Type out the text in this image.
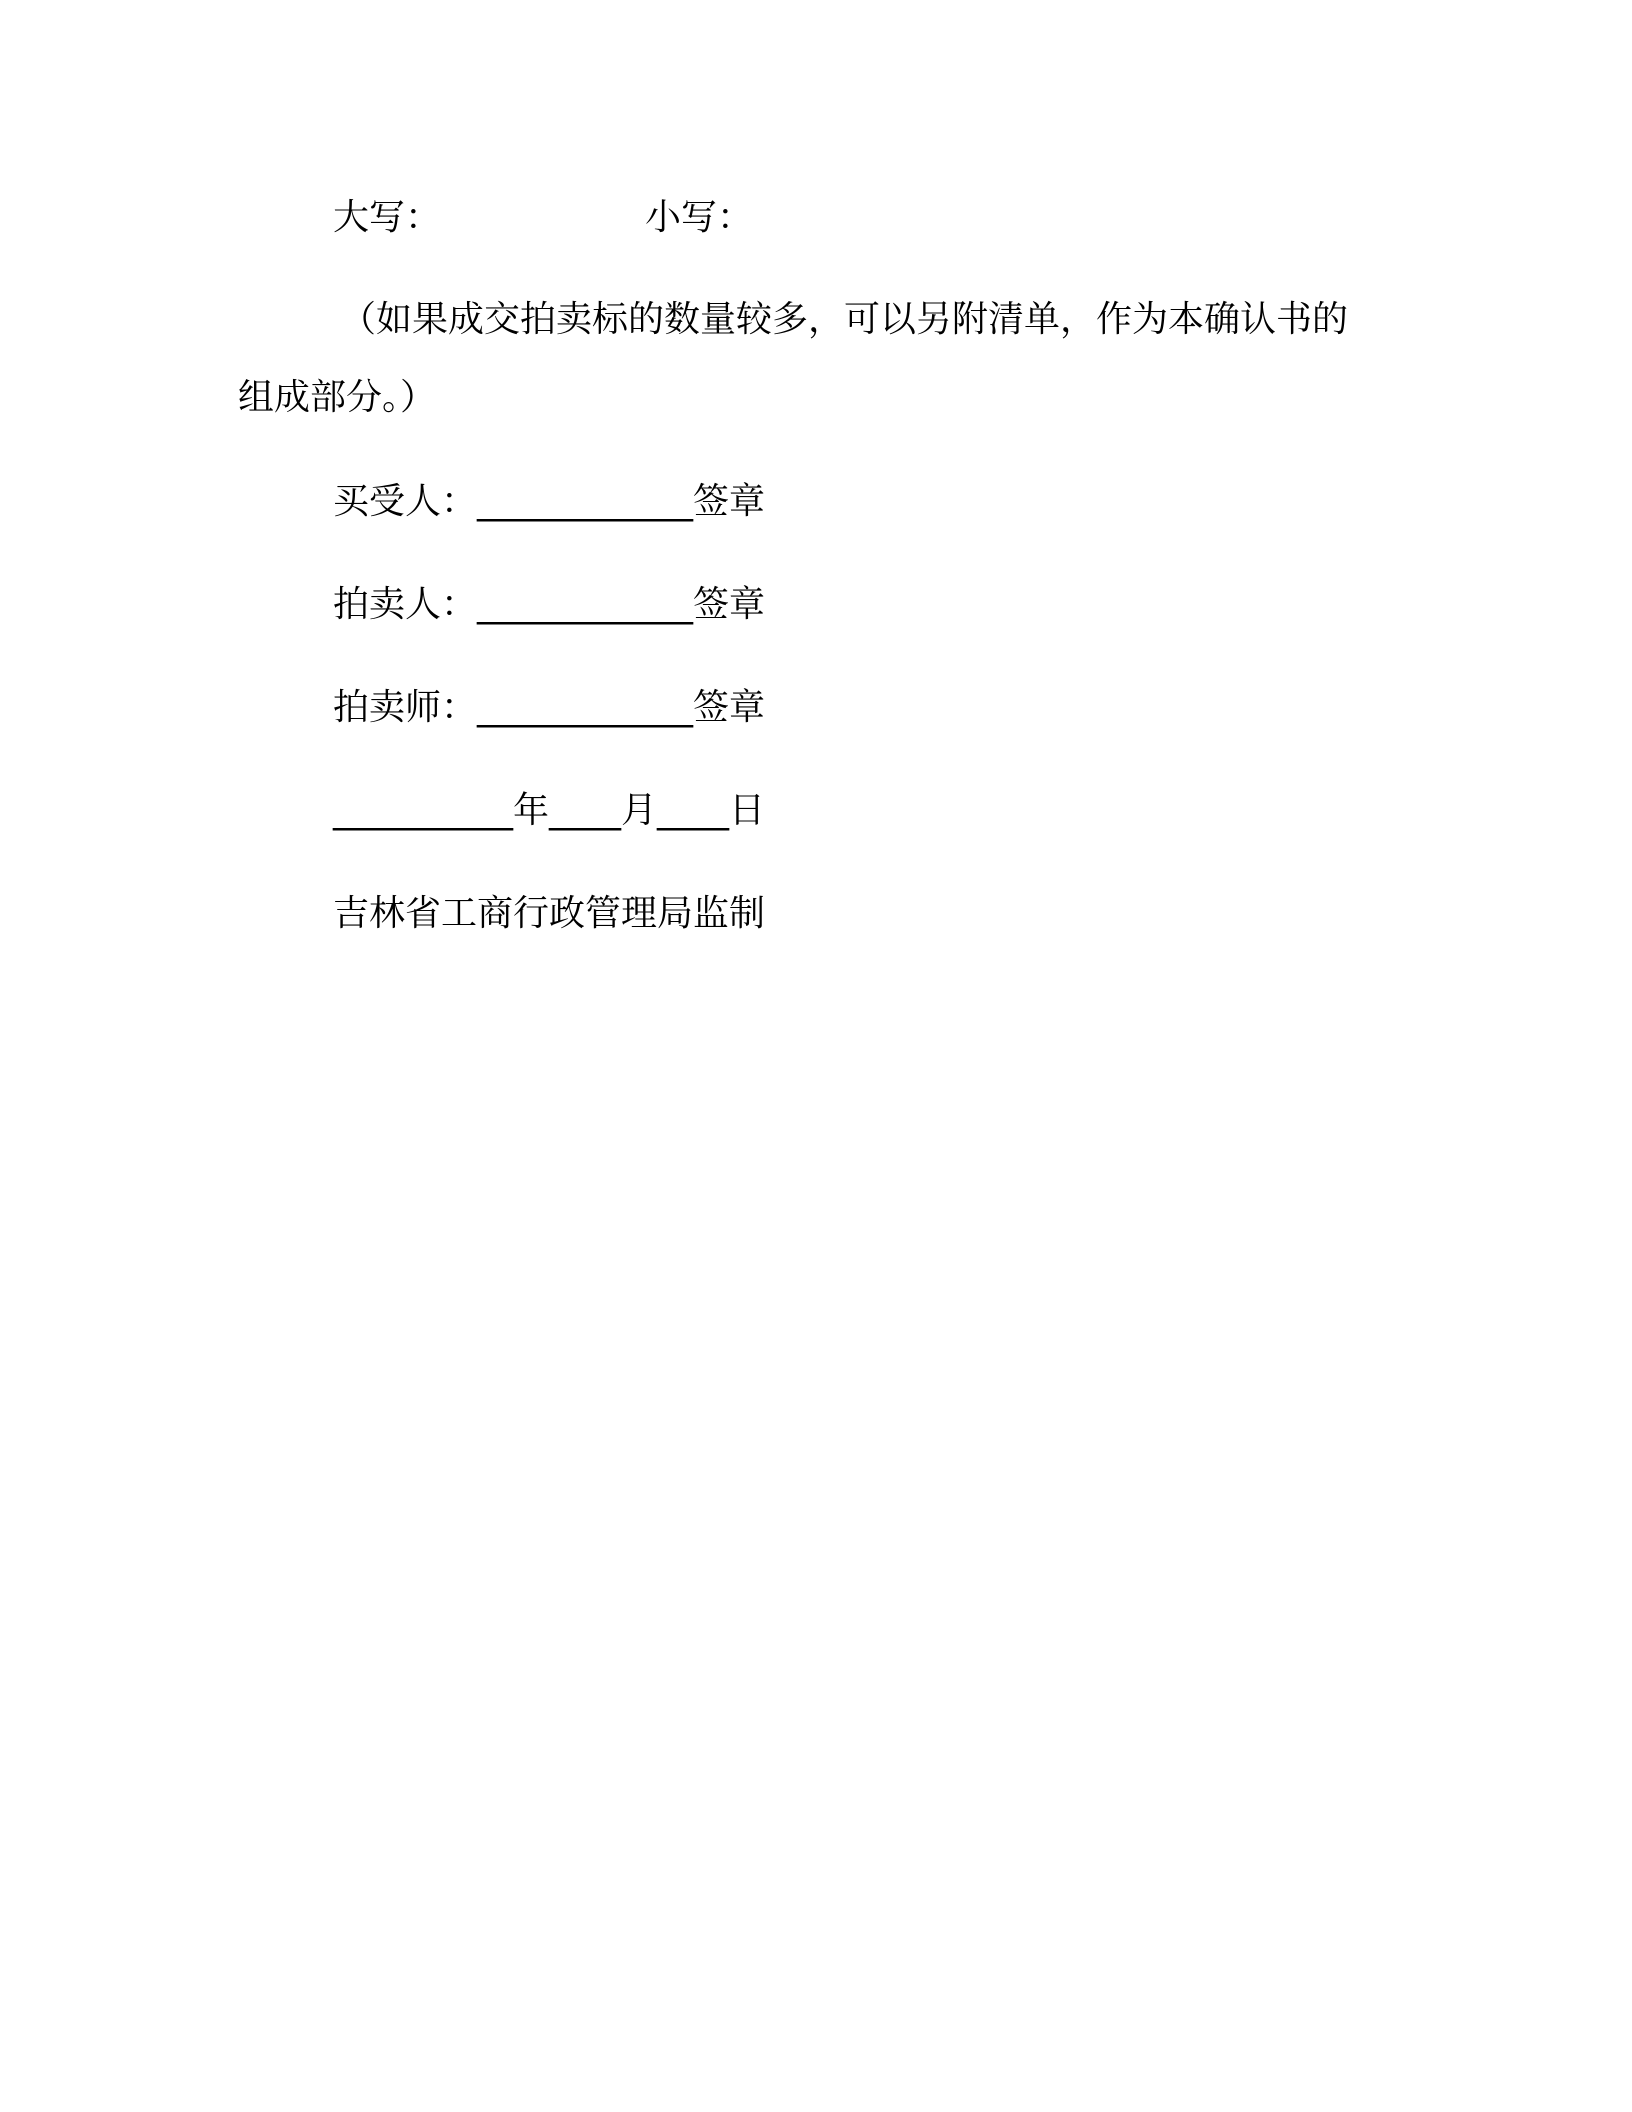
大写：	小写：
（如果成交拍卖标的数量较多，可以另附清单，作为本确认书的
组成部分。）
买受人：____________签章
拍卖人：____________签章
拍卖师：____________签章
__________年____月____日
吉林省工商行政管理局监制
